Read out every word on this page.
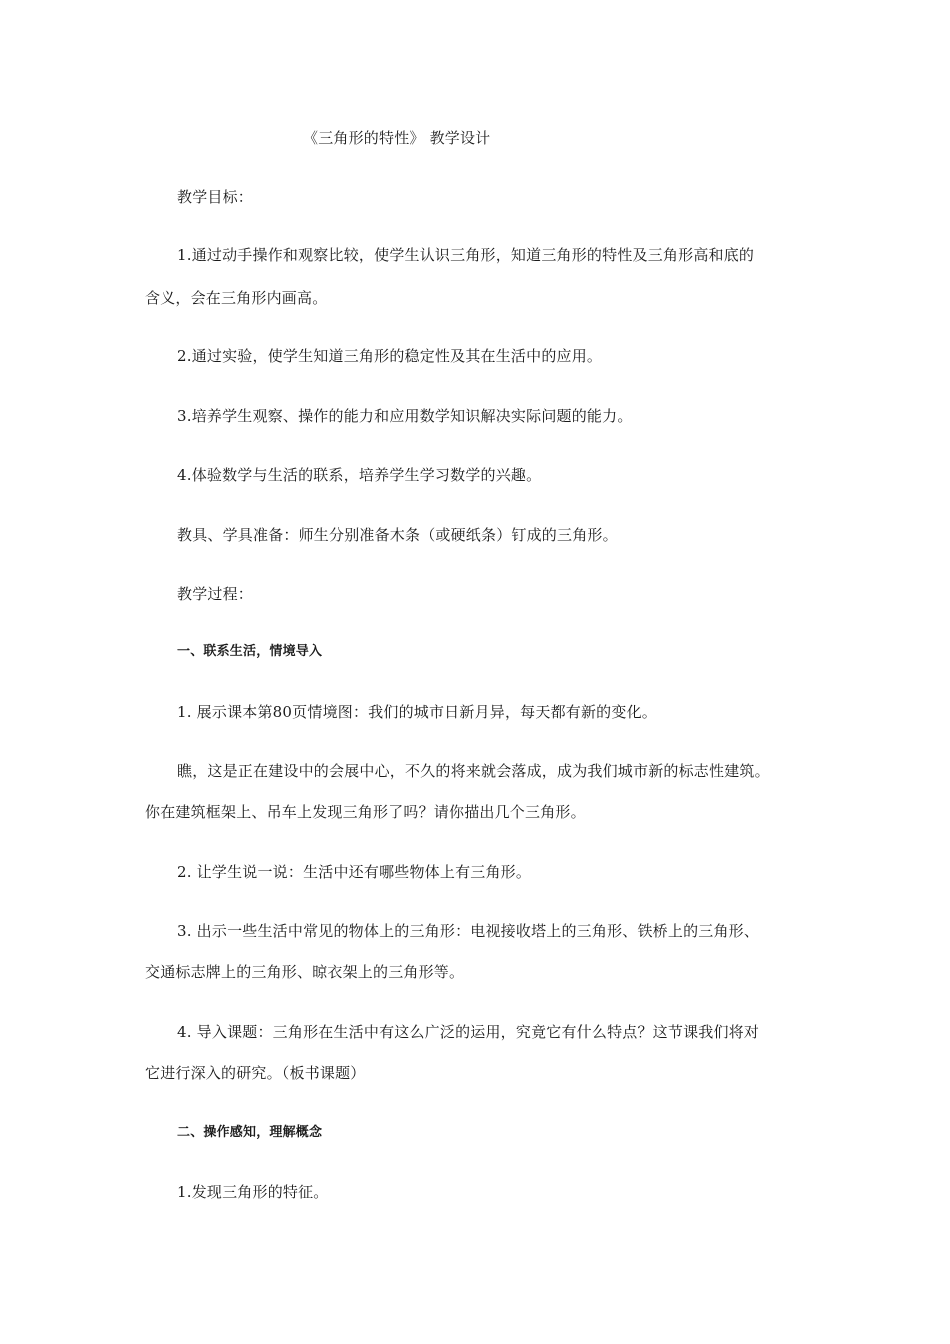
《三角形的特性》 教学设计
教学目标：
1.通过动手操作和观察比较，使学生认识三角形，知道三角形的特性及三角形高和底的
含义，会在三角形内画高。
2.通过实验，使学生知道三角形的稳定性及其在生活中的应用。
3.培养学生观察、操作的能力和应用数学知识解决实际问题的能力。
4.体验数学与生活的联系，培养学生学习数学的兴趣。
教具、学具准备：师生分别准备木条（或硬纸条）钉成的三角形。
教学过程：
一、联系生活，情境导入
1. 展示课本第80页情境图：我们的城市日新月异，每天都有新的变化。
瞧，这是正在建设中的会展中心，不久的将来就会落成，成为我们城市新的标志性建筑。
你在建筑框架上、吊车上发现三角形了吗？请你描出几个三角形。
2. 让学生说一说：生活中还有哪些物体上有三角形。
3. 出示一些生活中常见的物体上的三角形：电视接收塔上的三角形、铁桥上的三角形、
交通标志牌上的三角形、晾衣架上的三角形等。
4. 导入课题：三角形在生活中有这么广泛的运用，究竟它有什么特点？这节课我们将对
它进行深入的研究。（板书课题）
二、操作感知，理解概念
1.发现三角形的特征。
